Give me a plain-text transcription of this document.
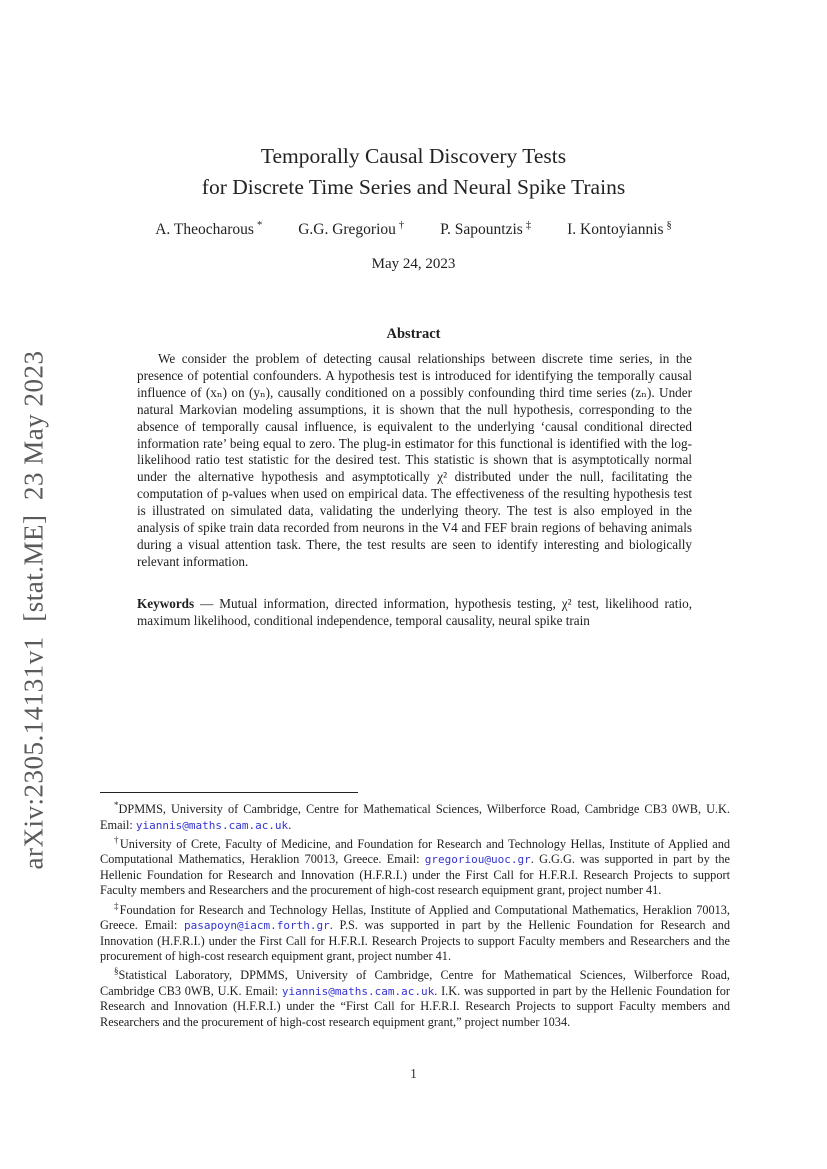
arXiv:2305.14131v1  [stat.ME]  23 May 2023
Temporally Causal Discovery Tests
for Discrete Time Series and Neural Spike Trains
A. Theocharous * G.G. Gregoriou † P. Sapountzis ‡ I. Kontoyiannis §
May 24, 2023
Abstract

We consider the problem of detecting causal relationships between discrete time series, in the presence of potential confounders. A hypothesis test is introduced for identifying the temporally causal influence of (xₙ) on (yₙ), causally conditioned on a possibly confounding third time series (zₙ). Under natural Markovian modeling assumptions, it is shown that the null hypothesis, corresponding to the absence of temporally causal influence, is equivalent to the underlying ‘causal conditional directed information rate’ being equal to zero. The plug-in estimator for this functional is identified with the log-likelihood ratio test statistic for the desired test. This statistic is shown that is asymptotically normal under the alternative hypothesis and asymptotically χ² distributed under the null, facilitating the computation of p-values when used on empirical data. The effectiveness of the resulting hypothesis test is illustrated on simulated data, validating the underlying theory. The test is also employed in the analysis of spike train data recorded from neurons in the V4 and FEF brain regions of behaving animals during a visual attention task. There, the test results are seen to identify interesting and biologically relevant information.

Keywords — Mutual information, directed information, hypothesis testing, χ² test, likelihood ratio, maximum likelihood, conditional independence, temporal causality, neural spike train

*DPMMS, University of Cambridge, Centre for Mathematical Sciences, Wilberforce Road, Cambridge CB3 0WB, U.K. Email: yiannis@maths.cam.ac.uk.

†University of Crete, Faculty of Medicine, and Foundation for Research and Technology Hellas, Institute of Applied and Computational Mathematics, Heraklion 70013, Greece. Email: gregoriou@uoc.gr. G.G.G. was supported in part by the Hellenic Foundation for Research and Innovation (H.F.R.I.) under the First Call for H.F.R.I. Research Projects to support Faculty members and Researchers and the procurement of high-cost research equipment grant, project number 41.

‡Foundation for Research and Technology Hellas, Institute of Applied and Computational Mathematics, Heraklion 70013, Greece. Email: pasapoyn@iacm.forth.gr. P.S. was supported in part by the Hellenic Foundation for Research and Innovation (H.F.R.I.) under the First Call for H.F.R.I. Research Projects to support Faculty members and Researchers and the procurement of high-cost research equipment grant, project number 41.

§Statistical Laboratory, DPMMS, University of Cambridge, Centre for Mathematical Sciences, Wilberforce Road, Cambridge CB3 0WB, U.K. Email: yiannis@maths.cam.ac.uk. I.K. was supported in part by the Hellenic Foundation for Research and Innovation (H.F.R.I.) under the “First Call for H.F.R.I. Research Projects to support Faculty members and Researchers and the procurement of high-cost research equipment grant,” project number 1034.

1
